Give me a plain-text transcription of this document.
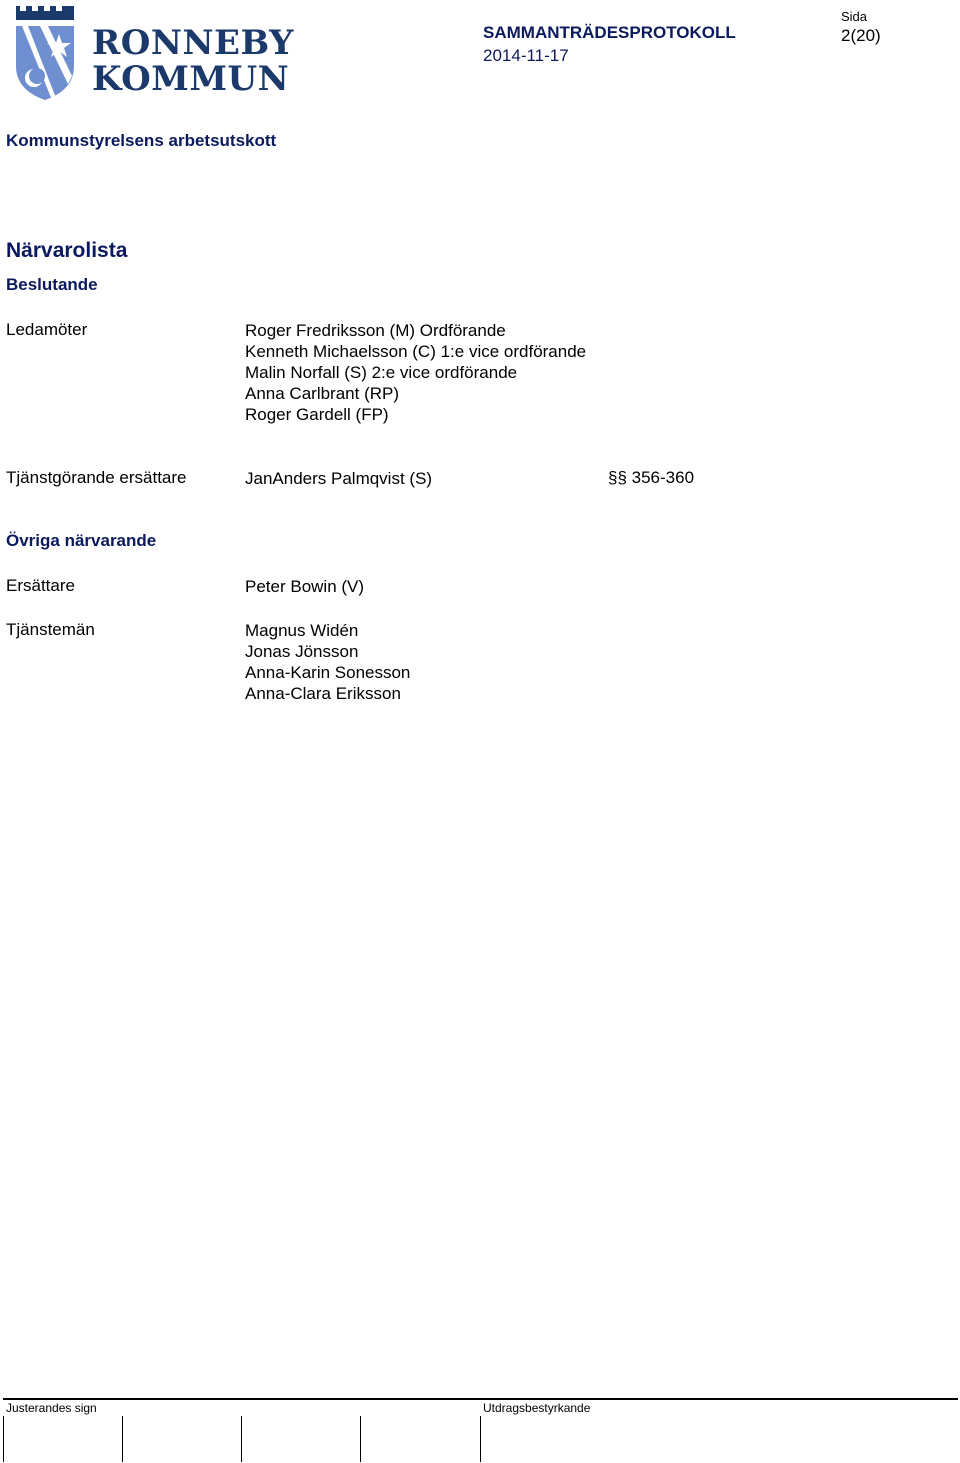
RONNEBY
KOMMUN
SAMMANTRÄDESPROTOKOLL
2014-11-17
Sida
2(20)
Kommunstyrelsens arbetsutskott
Närvarolista
Beslutande
Ledamöter	Roger Fredriksson (M) Ordförande
Kenneth Michaelsson (C) 1:e vice ordförande
Malin Norfall (S) 2:e vice ordförande
Anna Carlbrant (RP)
Roger Gardell (FP)
Tjänstgörande ersättare	JanAnders Palmqvist (S)	§§ 356-360
Övriga närvarande
Ersättare	Peter Bowin (V)
Tjänstemän	Magnus Widén
Jonas Jönsson
Anna-Karin Sonesson
Anna-Clara Eriksson
Justerandes sign	Utdragsbestyrkande
